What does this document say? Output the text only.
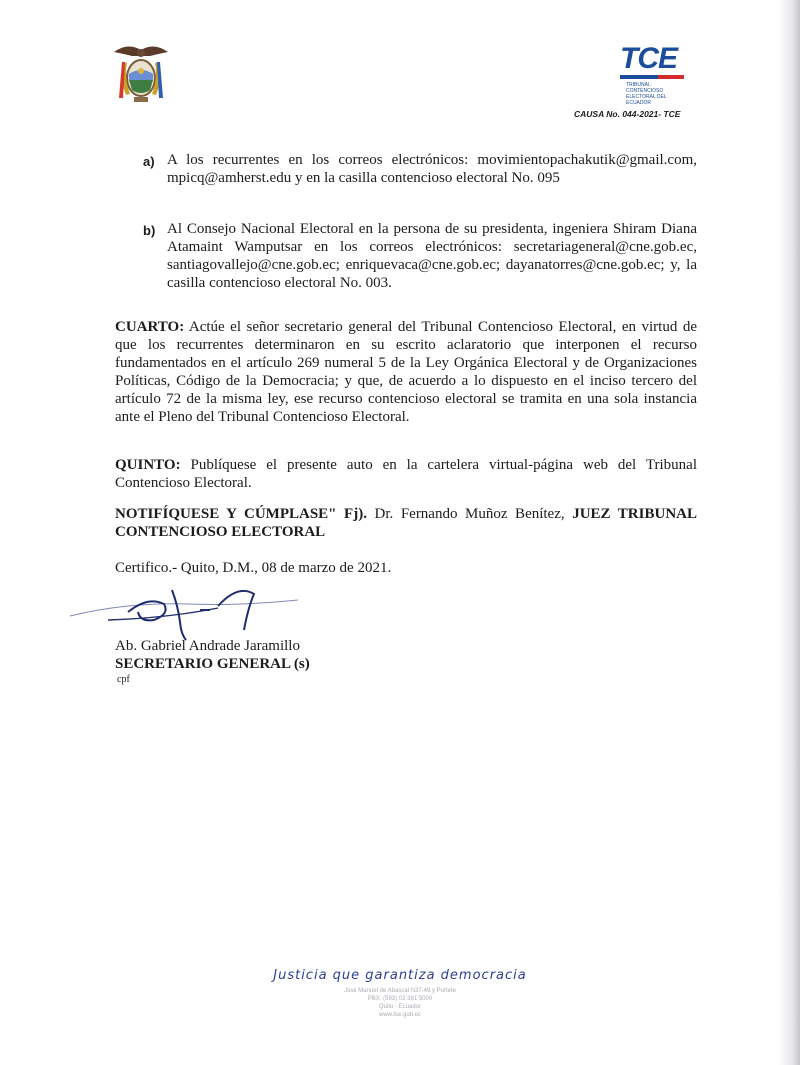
TCE
TRIBUNAL CONTENCIOSO ELECTORAL DEL ECUADOR
CAUSA No. 044-2021- TCE
a) A los recurrentes en los correos electrónicos: movimientopachakutik@gmail.com, mpicq@amherst.edu y en la casilla contencioso electoral No. 095
b) Al Consejo Nacional Electoral en la persona de su presidenta, ingeniera Shiram Diana Atamaint Wamputsar en los correos electrónicos: secretariageneral@cne.gob.ec, santiagovallejo@cne.gob.ec; enriquevaca@cne.gob.ec; dayanatorres@cne.gob.ec; y, la casilla contencioso electoral No. 003.
CUARTO: Actúe el señor secretario general del Tribunal Contencioso Electoral, en virtud de que los recurrentes determinaron en su escrito aclaratorio que interponen el recurso fundamentados en el artículo 269 numeral 5 de la Ley Orgánica Electoral y de Organizaciones Políticas, Código de la Democracia; y que, de acuerdo a lo dispuesto en el inciso tercero del artículo 72 de la misma ley, ese recurso contencioso electoral se tramita en una sola instancia ante el Pleno del Tribunal Contencioso Electoral.
QUINTO: Publíquese el presente auto en la cartelera virtual-página web del Tribunal Contencioso Electoral.
NOTIFÍQUESE Y CÚMPLASE" Fj). Dr. Fernando Muñoz Benítez, JUEZ TRIBUNAL CONTENCIOSO ELECTORAL
Certifico.- Quito, D.M., 08 de marzo de 2021.
Ab. Gabriel Andrade Jaramillo
SECRETARIO GENERAL (s)
cpf
Justicia que garantiza democracia
José Manuel de Abascal N37-49 y Portete
PBX: (593) 02 381 5000
Quito - Ecuador
www.tce.gob.ec
